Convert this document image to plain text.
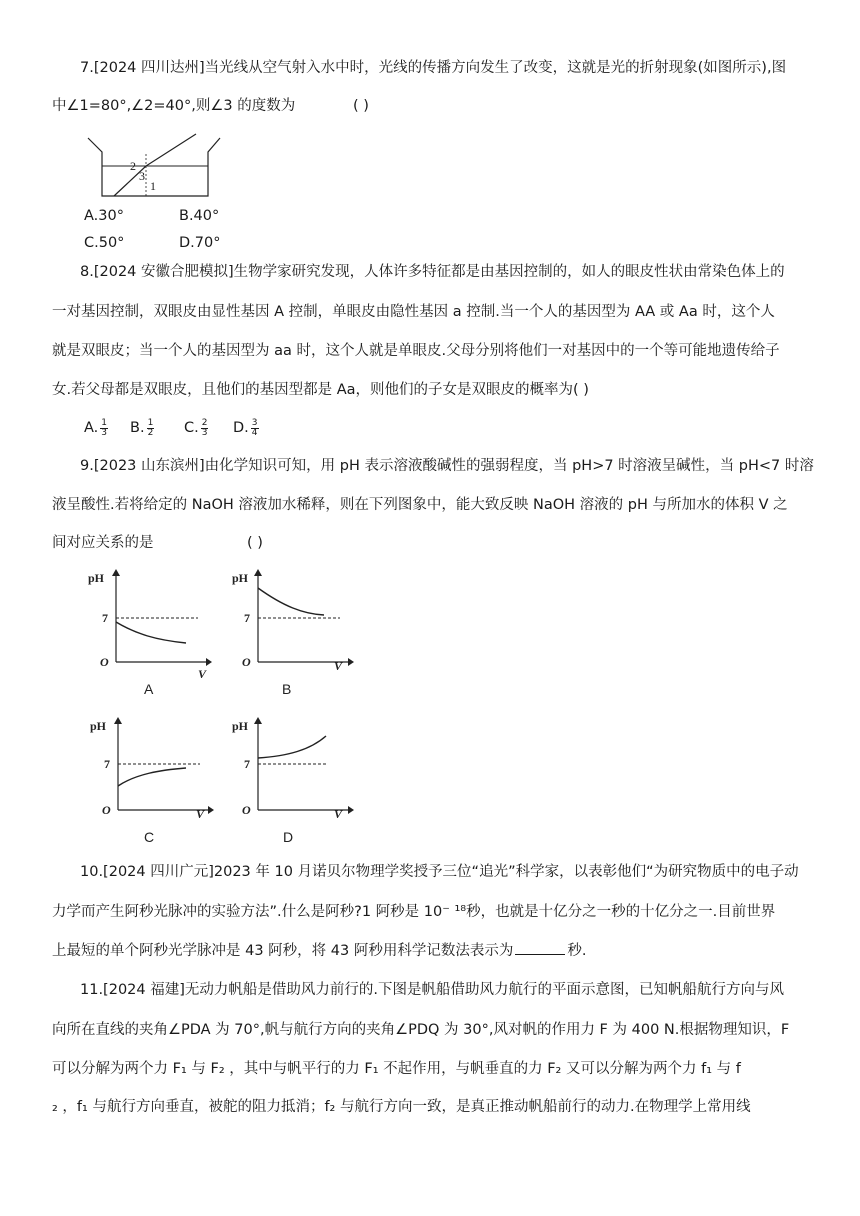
7.[2024 四川达州]当光线从空气射入水中时，光线的传播方向发生了改变，这就是光的折射现象(如图所示),图
中∠1=80°,∠2=40°,则∠3 的度数为	( )
2
3
1
A.30°	B.40°
C.50°	D.70°
8.[2024 安徽合肥模拟]生物学家研究发现，人体许多特征都是由基因控制的，如人的眼皮性状由常染色体上的
一对基因控制，双眼皮由显性基因 A 控制，单眼皮由隐性基因 a 控制.当一个人的基因型为 AA 或 Aa 时，这个人
就是双眼皮；当一个人的基因型为 aa 时，这个人就是单眼皮.父母分别将他们一对基因中的一个等可能地遗传给子
女.若父母都是双眼皮，且他们的基因型都是 Aa，则他们的子女是双眼皮的概率为( )
A. $\frac{1}{3} B$. $\frac{1}{2} C$. $\frac{2}{3} D$. $\frac{3}{4}$
9.[2023 山东滨州]由化学知识可知，用 pH 表示溶液酸碱性的强弱程度，当 pH>7 时溶液呈碱性，当 pH<7 时溶
液呈酸性.若将给定的 NaOH 溶液加水稀释，则在下列图象中，能大致反映 NaOH 溶液的 pH 与所加水的体积 V 之
间对应关系的是	( )
pH
7
O
V
A
pH
7
O	V
B
pH
7
O	V
C
pH
7
O	V
D
10.[2024 四川广元]2023 年 10 月诺贝尔物理学奖授予三位“追光”科学家，以表彰他们“为研究物质中的电子动
力学而产生阿秒光脉冲的实验方法”.什么是阿秒?1 阿秒是 10⁻ ¹⁸秒，也就是十亿分之一秒的十亿分之一.目前世界
上最短的单个阿秒光学脉冲是 43 阿秒，将 43 阿秒用科学记数法表示为	秒.
11.[2024 福建]无动力帆船是借助风力前行的.下图是帆船借助风力航行的平面示意图，已知帆船航行方向与风
向所在直线的夹角∠PDA 为 70°,帆与航行方向的夹角∠PDQ 为 30°,风对帆的作用力 F 为 400 N.根据物理知识，F
可以分解为两个力 F₁ 与 F₂ ，其中与帆平行的力 F₁ 不起作用，与帆垂直的力 F₂ 又可以分解为两个力 f₁ 与 f
₂ ，f₁ 与航行方向垂直，被舵的阻力抵消；f₂ 与航行方向一致，是真正推动帆船前行的动力.在物理学上常用线
